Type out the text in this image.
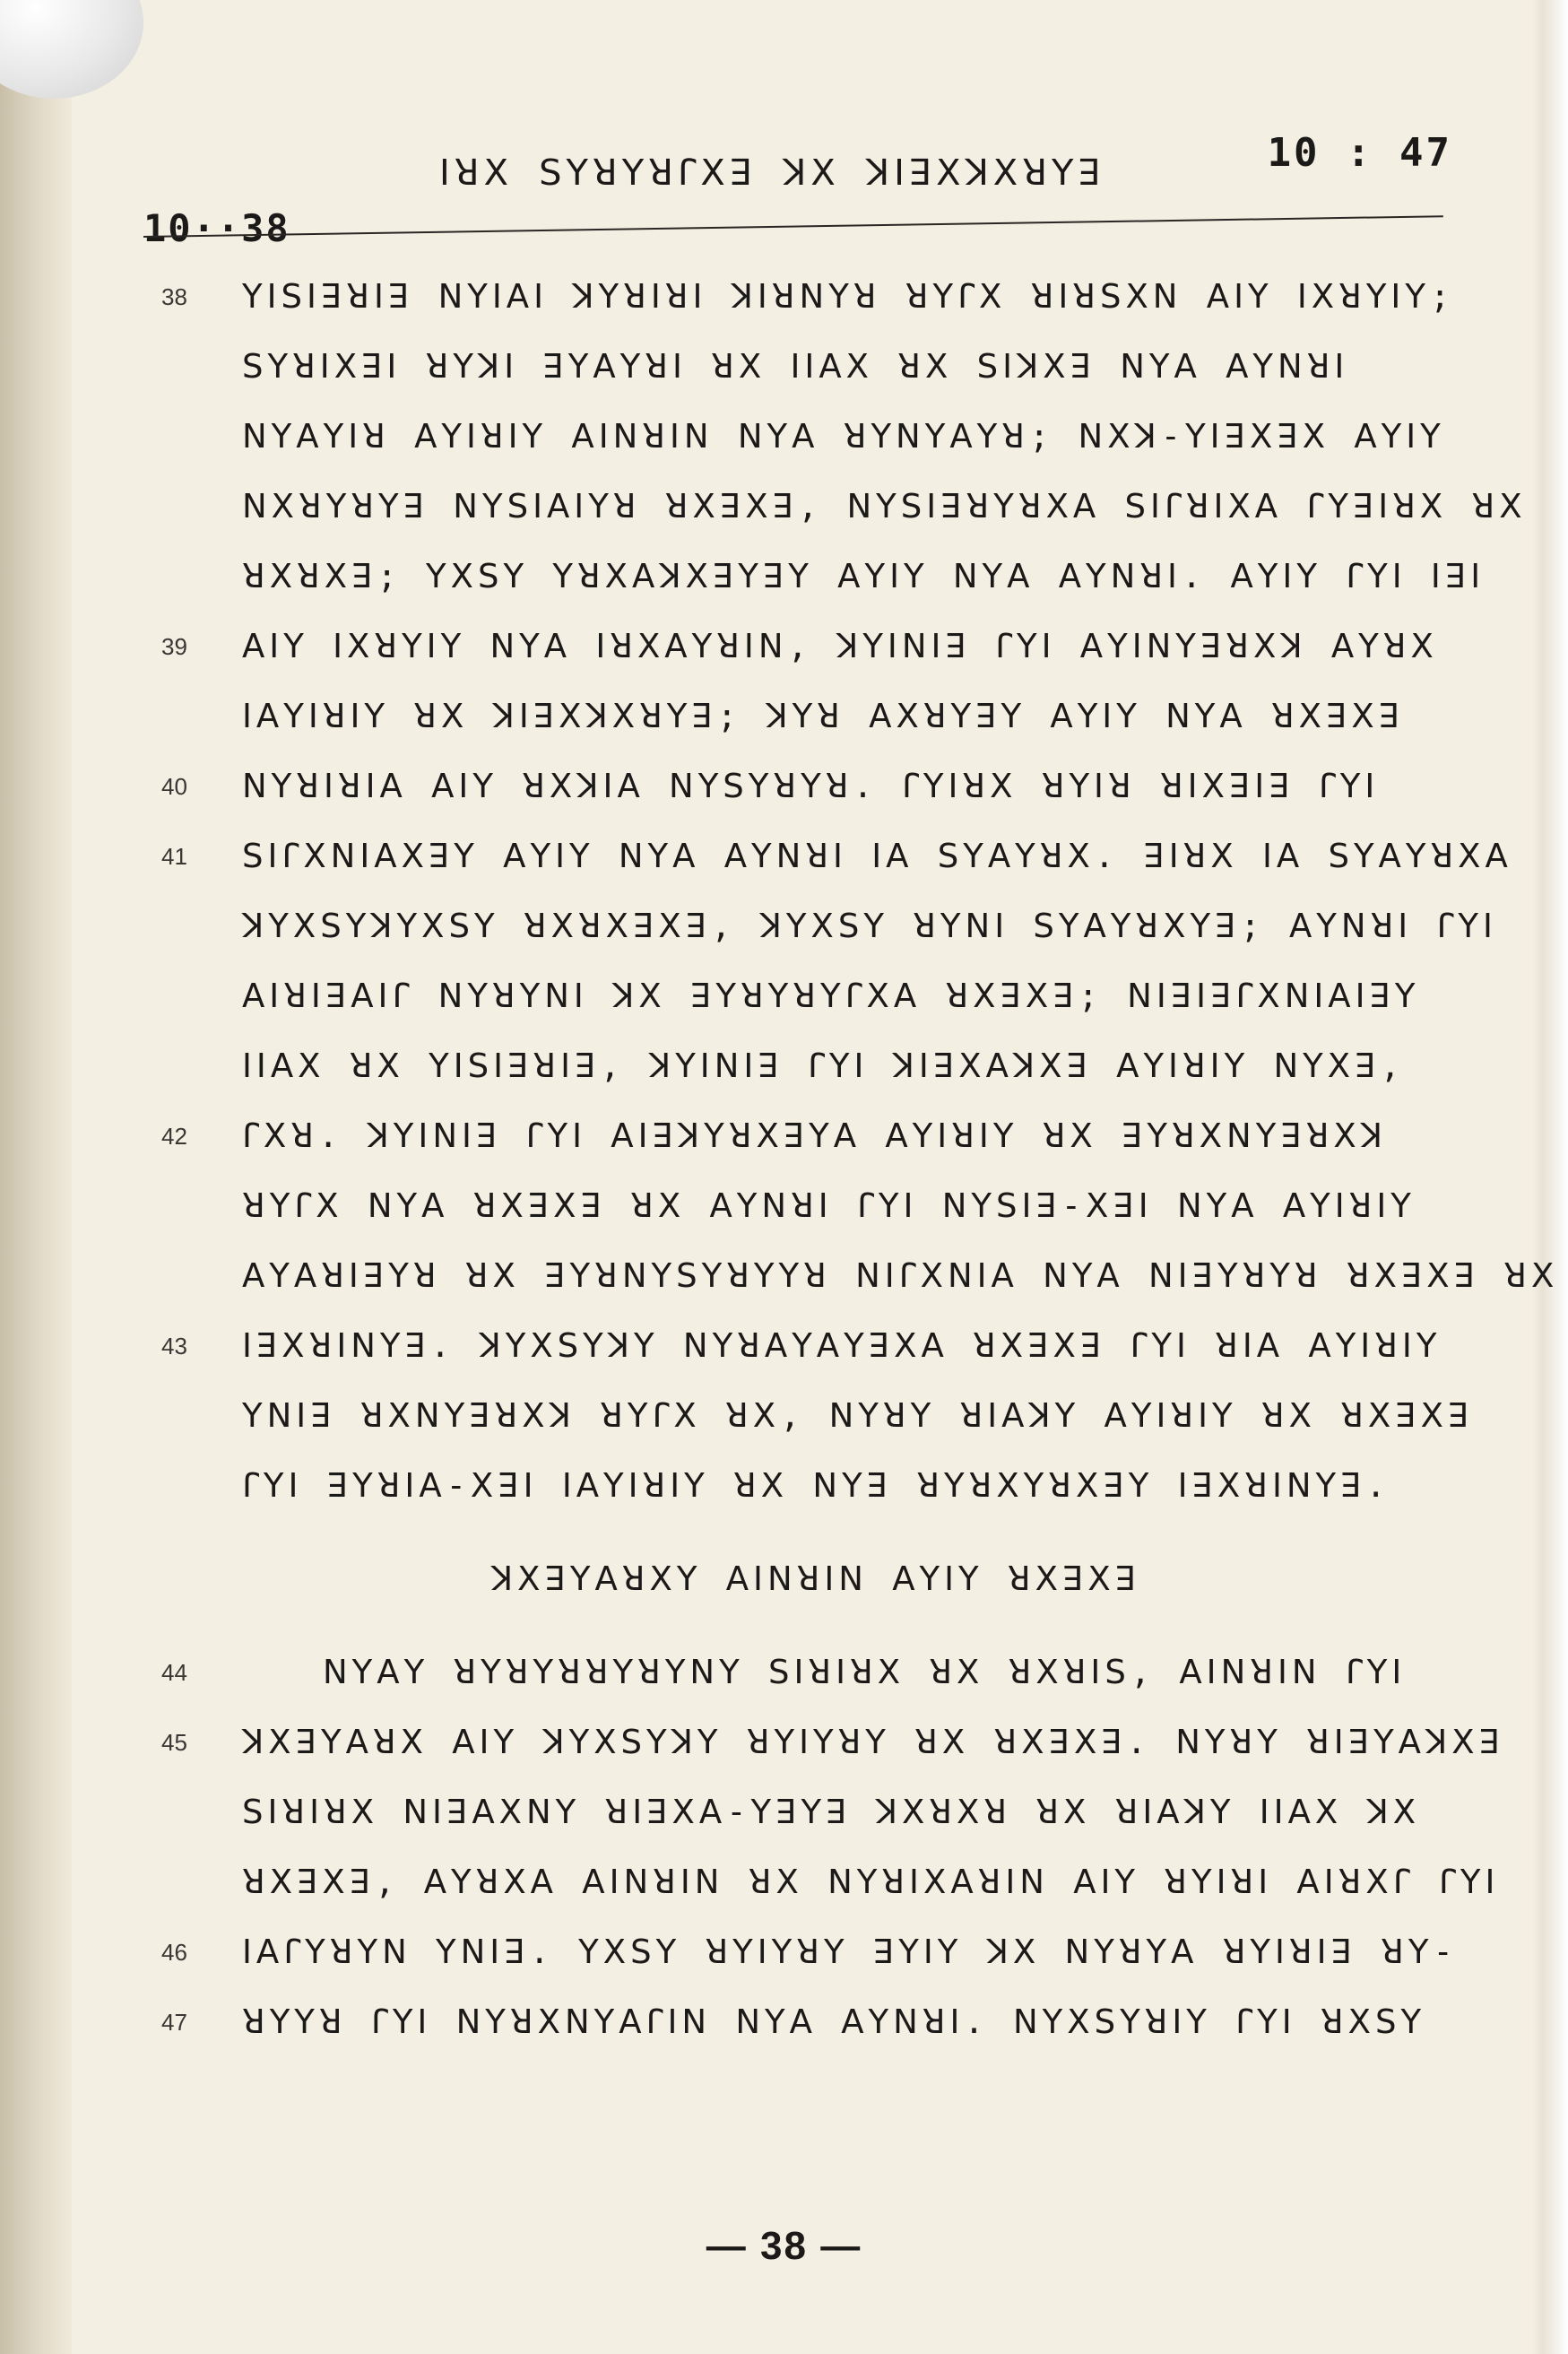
10··38
ꓲꓤꓫ ꓢꓬꓤꓬꓤꓩꓫꓱ ꓘꓫ ꓘꓲꓱꓫꓘꓫꓤꓬꓱ	10 : 47
38 ꓬꓲꓢꓲꓱꓤꓲꓱ ꓠꓬꓲꓮꓲ ꓘꓬꓤꓲꓤꓲ ꓘꓲꓤꓠꓬꓤ ꓤꓬꓩꓫ ꓤꓲꓤꓢꓫꓠ ꓮꓲꓬ ꓲꓫꓤꓬꓲꓬ;
ꓢꓬꓤꓲꓫꓱꓲ ꓤꓬꓘꓲ ꓱꓬꓮꓬꓤꓲ ꓤꓫ ꓲꓲꓮꓫ ꓤꓫ ꓢꓲꓘꓫꓱ ꓠꓬꓮ ꓮꓬꓠꓤꓲ
ꓠꓬꓮꓬꓲꓤ ꓮꓬꓲꓤꓲꓬ ꓮꓲꓠꓤꓲꓠ ꓠꓬꓮ ꓤꓬꓠꓬꓮꓬꓤ; ꓠꓫꓘ-ꓬꓲꓱꓫꓱꓫ ꓮꓬꓲꓬ
ꓠꓫꓤꓬꓤꓬꓱ ꓠꓬꓢꓲꓮꓲꓬꓤ ꓤꓫꓱꓫꓱ, ꓠꓬꓢꓲꓱꓤꓬꓤꓫꓮ ꓢꓲꓩꓤꓲꓫꓮ ꓩꓬꓱꓲꓤꓫ ꓤꓫ
ꓤꓫꓤꓫꓱ; ꓬꓫꓢꓬ ꓬꓤꓫꓮꓘꓫꓱꓬꓱꓬ ꓮꓬꓲꓬ ꓠꓬꓮ ꓮꓬꓠꓤꓲ. ꓮꓬꓲꓬ ꓩꓬꓲ ꓲꓱꓲ
39 ꓮꓲꓬ ꓲꓫꓤꓬꓲꓬ ꓠꓬꓮ ꓲꓤꓫꓮꓬꓤꓲꓠ, ꓘꓬꓲꓠꓲꓱ ꓩꓬꓲ ꓮꓬꓲꓠꓬꓱꓤꓫꓘ ꓮꓬꓤꓫ
ꓲꓮꓬꓲꓤꓲꓬ ꓤꓫ ꓘꓲꓱꓫꓘꓫꓤꓬꓱ; ꓘꓬꓤ ꓮꓫꓤꓬꓱꓬ ꓮꓬꓲꓬ ꓠꓬꓮ ꓤꓫꓱꓫꓱ
40 ꓠꓬꓤꓲꓤꓲꓮ ꓮꓲꓬ ꓤꓫꓘꓲꓮ ꓠꓬꓢꓬꓤꓬꓤ. ꓩꓬꓲꓤꓫ ꓤꓬꓲꓤ ꓤꓲꓫꓱꓲꓱ ꓩꓬꓲ
41 ꓢꓲꓩꓫꓠꓲꓮꓫꓱꓬ ꓮꓬꓲꓬ ꓠꓬꓮ ꓮꓬꓠꓤꓲ ꓲꓮ ꓢꓬꓮꓬꓤꓫ. ꓱꓲꓤꓫ ꓲꓮ ꓢꓬꓮꓬꓤꓫꓮ
ꓘꓬꓫꓢꓬꓘꓬꓫꓢꓬ ꓤꓫꓤꓫꓱꓫꓱ, ꓘꓬꓫꓢꓬ ꓤꓬꓠꓲ ꓢꓬꓮꓬꓤꓫꓬꓱ; ꓮꓬꓠꓤꓲ ꓩꓬꓲ
ꓮꓲꓤꓲꓱꓮꓲꓩ ꓠꓬꓤꓬꓠꓲ ꓘꓫ ꓱꓬꓤꓬꓤꓬꓩꓫꓮ ꓤꓫꓱꓫꓱ; ꓠꓲꓱꓲꓱꓩꓫꓠꓲꓮꓲꓱꓬ
ꓲꓲꓮꓫ ꓤꓫ ꓬꓲꓢꓲꓱꓤꓲꓱ, ꓘꓬꓲꓠꓲꓱ ꓩꓬꓲ ꓘꓲꓱꓫꓮꓘꓫꓱ ꓮꓬꓲꓤꓲꓬ ꓠꓬꓫꓱ,
42 ꓩꓫꓤ. ꓘꓬꓲꓠꓲꓱ ꓩꓬꓲ ꓮꓲꓱꓘꓬꓤꓫꓱꓬꓮ ꓮꓬꓲꓤꓲꓬ ꓤꓫ ꓱꓬꓤꓫꓠꓬꓱꓤꓫꓘ
ꓤꓬꓩꓫ ꓠꓬꓮ ꓤꓫꓱꓫꓱ ꓤꓫ ꓮꓬꓠꓤꓲ ꓩꓬꓲ ꓠꓬꓢꓲꓱ-ꓫꓱꓲ ꓠꓬꓮ ꓮꓬꓲꓤꓲꓬ
ꓮꓬꓮꓤꓲꓱꓬꓤ ꓤꓫ ꓱꓬꓤꓠꓬꓢꓬꓤꓬꓬꓤ ꓠꓲꓩꓫꓠꓲꓮ ꓠꓬꓮ ꓠꓲꓱꓬꓤꓬꓤ ꓤꓫꓱꓫꓱ ꓤꓫ
43 ꓲꓱꓫꓤꓲꓠꓬꓱ. ꓘꓬꓫꓢꓬꓘꓬ ꓠꓬꓤꓮꓬꓮꓬꓱꓫꓮ ꓤꓫꓱꓫꓱ ꓩꓬꓲ ꓤꓲꓮ ꓮꓬꓲꓤꓲꓬ
ꓬꓠꓲꓱ ꓤꓫꓠꓬꓱꓤꓫꓘ ꓤꓬꓩꓫ ꓤꓫ, ꓠꓬꓤꓬ ꓤꓲꓮꓘꓬ ꓮꓬꓲꓤꓲꓬ ꓤꓫ ꓤꓫꓱꓫꓱ
ꓩꓬꓲ ꓱꓬꓤꓲꓮ-ꓫꓱꓲ ꓲꓮꓬꓲꓤꓲꓬ ꓤꓫ ꓠꓬꓱ ꓤꓬꓤꓫꓬꓤꓫꓱꓬ ꓲꓱꓫꓤꓲꓠꓬꓱ.
ꓘꓫꓱꓬꓮꓤꓫꓬ ꓮꓲꓠꓤꓲꓠ ꓮꓬꓲꓬ ꓤꓫꓱꓫꓱ
44	ꓠꓬꓮꓬ ꓤꓬꓤꓬꓤꓤꓬꓤꓬꓠꓬ ꓢꓲꓤꓲꓤꓫ ꓤꓫ ꓤꓫꓤꓲꓢ, ꓮꓲꓠꓤꓲꓠ ꓩꓬꓲ
45 ꓘꓫꓱꓬꓮꓤꓫ ꓮꓲꓬ ꓘꓬꓫꓢꓬꓘꓬ ꓤꓬꓲꓬꓤꓬ ꓤꓫ ꓤꓫꓱꓫꓱ. ꓠꓬꓤꓬ ꓤꓲꓱꓬꓮꓘꓫꓱ
ꓢꓲꓤꓲꓤꓫ ꓠꓲꓱꓮꓫꓠꓬ ꓤꓲꓱꓫꓮ-ꓬꓱꓬꓱ ꓘꓫꓤꓫꓤ ꓤꓫ ꓤꓲꓮꓘꓬ ꓲꓲꓮꓫ ꓘꓫ
ꓤꓫꓱꓫꓱ, ꓮꓬꓤꓫꓮ ꓮꓲꓠꓤꓲꓠ ꓤꓫ ꓠꓬꓤꓲꓫꓮꓤꓲꓠ ꓮꓲꓬ ꓤꓬꓲꓤꓲ ꓮꓲꓤꓫꓩ ꓩꓬꓲ
46 ꓲꓮꓩꓬꓤꓬꓠ ꓬꓠꓲꓱ. ꓬꓫꓢꓬ ꓤꓬꓲꓬꓤꓬ ꓱꓬꓲꓬ ꓘꓫ ꓠꓬꓤꓬꓮ ꓤꓬꓲꓤꓲꓱ ꓤꓬ-
47 ꓤꓬꓬꓤ ꓩꓬꓲ ꓠꓬꓤꓫꓠꓬꓮꓩꓲꓠ ꓠꓬꓮ ꓮꓬꓠꓤꓲ. ꓠꓬꓫꓢꓬꓤꓲꓬ ꓩꓬꓲ ꓤꓫꓢꓬ
— 38 —
